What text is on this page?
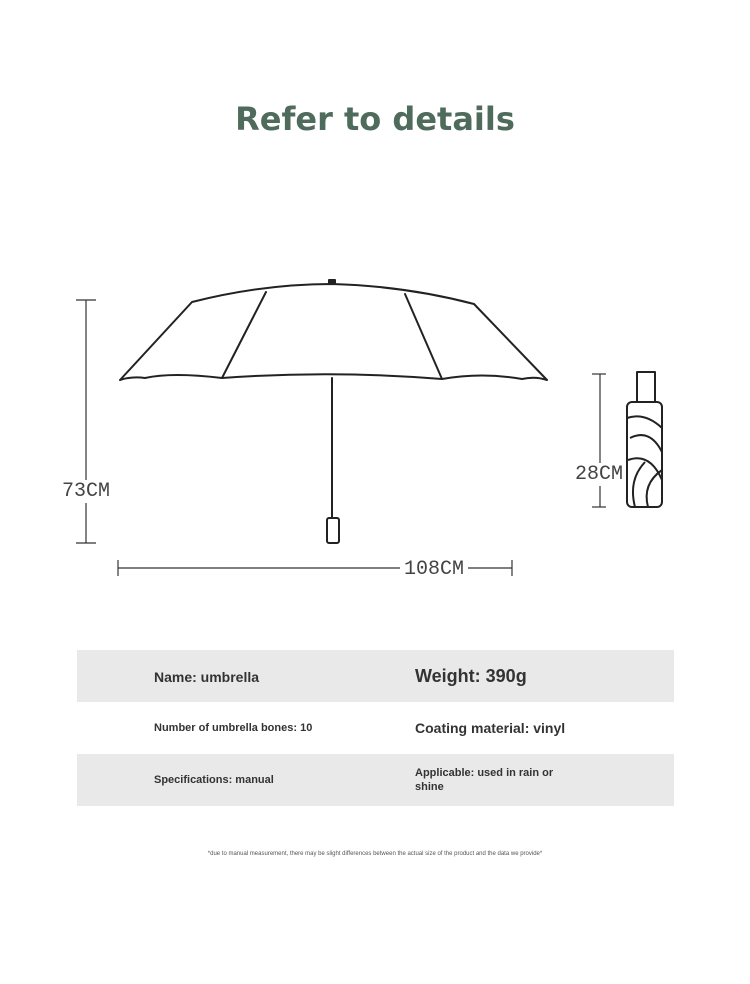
Refer to details
73CM
108CM
28CM
Name: umbrella	Weight: 390g
Number of umbrella bones: 10	Coating material: vinyl
Specifications: manual
Applicable: used in rain or shine
*due to manual measurement, there may be slight differences between the actual size of the product and the data we provide*
